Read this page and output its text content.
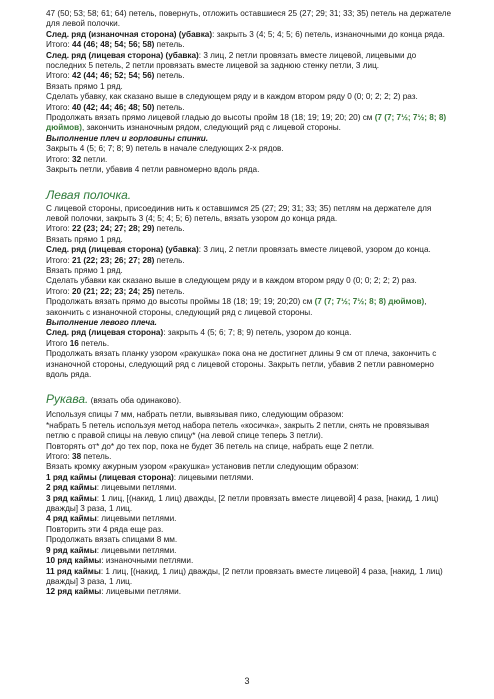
47 (50; 53; 58; 61; 64) петель, повернуть, отложить оставшиеся 25 (27; 29; 31; 33; 35) петель на держателе
для левой полочки.
След. ряд (изнаночная сторона) (убавка): закрыть 3 (4; 5; 4; 5; 6) петель, изнаночными до конца ряда.
Итого: 44 (46; 48; 54; 56; 58) петель.
След. ряд (лицевая сторона) (убавка): 3 лиц, 2 петли провязать вместе лицевой, лицевыми до
последних 5 петель, 2 петли провязать вместе лицевой за заднюю стенку петли, 3 лиц.
Итого: 42 (44; 46; 52; 54; 56) петель.
Вязать прямо 1 ряд.
Сделать убавку, как сказано выше в следующем ряду и в каждом втором ряду 0 (0; 0; 2; 2; 2) раз.
Итого: 40 (42; 44; 46; 48; 50) петель.
Продолжать вязать прямо лицевой гладью до высоты пройм 18 (18; 19; 19; 20; 20) см (7 (7; 7½; 7½; 8; 8)
дюймов), закончить изнаночным рядом, следующий ряд с лицевой стороны.
Выполнение плеч и горловины спинки.
Закрыть 4 (5; 6; 7; 8; 9) петель в начале следующих 2-х рядов.
Итого: 32 петли.
Закрыть петли, убавив 4 петли равномерно вдоль ряда.
Левая полочка.
С лицевой стороны, присоединив нить к оставшимся 25 (27; 29; 31; 33; 35) петлям на держателе для
левой полочки, закрыть 3 (4; 5; 4; 5; 6) петель, вязать узором до конца ряда.
Итого: 22 (23; 24; 27; 28; 29) петель.
Вязать прямо 1 ряд.
След. ряд (лицевая сторона) (убавка): 3 лиц, 2 петли провязать вместе лицевой, узором до конца.
Итого: 21 (22; 23; 26; 27; 28) петель.
Вязать прямо 1 ряд.
Сделать убавки как сказано выше в следующем ряду и в каждом втором ряду 0 (0; 0; 2; 2; 2) раз.
Итого: 20 (21; 22; 23; 24; 25) петель.
Продолжать вязать прямо до высоты проймы 18 (18; 19; 19; 20;20) см (7 (7; 7½; 7½; 8; 8) дюймов),
закончить с изнаночной стороны, следующий ряд с лицевой стороны.
Выполнение левого плеча.
След. ряд (лицевая сторона): закрыть 4 (5; 6; 7; 8; 9) петель, узором до конца.
Итого 16 петель.
Продолжать вязать планку узором «ракушка» пока она не достигнет длины 9 см от плеча, закончить с
изнаночной стороны, следующий ряд с лицевой стороны. Закрыть петли, убавив 2 петли равномерно
вдоль ряда.
Рукава. (вязать оба одинаково).
Используя спицы 7 мм, набрать петли, вывязывая пико, следующим образом:
*набрать 5 петель используя метод набора петель «косичка», закрыть 2 петли, снять не провязывая
петлю с правой спицы на левую спицу* (на левой спице теперь 3 петли).
Повторять от* до* до тех пор, пока не будет 36 петель на спице, набрать еще 2 петли.
Итого: 38 петель.
Вязать кромку ажурным узором «ракушка» установив петли следующим образом:
1 ряд каймы (лицевая сторона): лицевыми петлями.
2 ряд каймы: лицевыми петлями.
3 ряд каймы: 1 лиц, [(накид, 1 лиц) дважды, [2 петли провязать вместе лицевой] 4 раза, [накид, 1 лиц)
дважды] 3 раза, 1 лиц.
4 ряд каймы: лицевыми петлями.
Повторить эти 4 ряда еще раз.
Продолжать вязать спицами 8 мм.
9 ряд каймы: лицевыми петлями.
10 ряд каймы: изнаночными петлями.
11 ряд каймы: 1 лиц, [(накид, 1 лиц) дважды, [2 петли провязать вместе лицевой] 4 раза, [накид, 1 лиц)
дважды] 3 раза, 1 лиц.
12 ряд каймы: лицевыми петлями.
3
